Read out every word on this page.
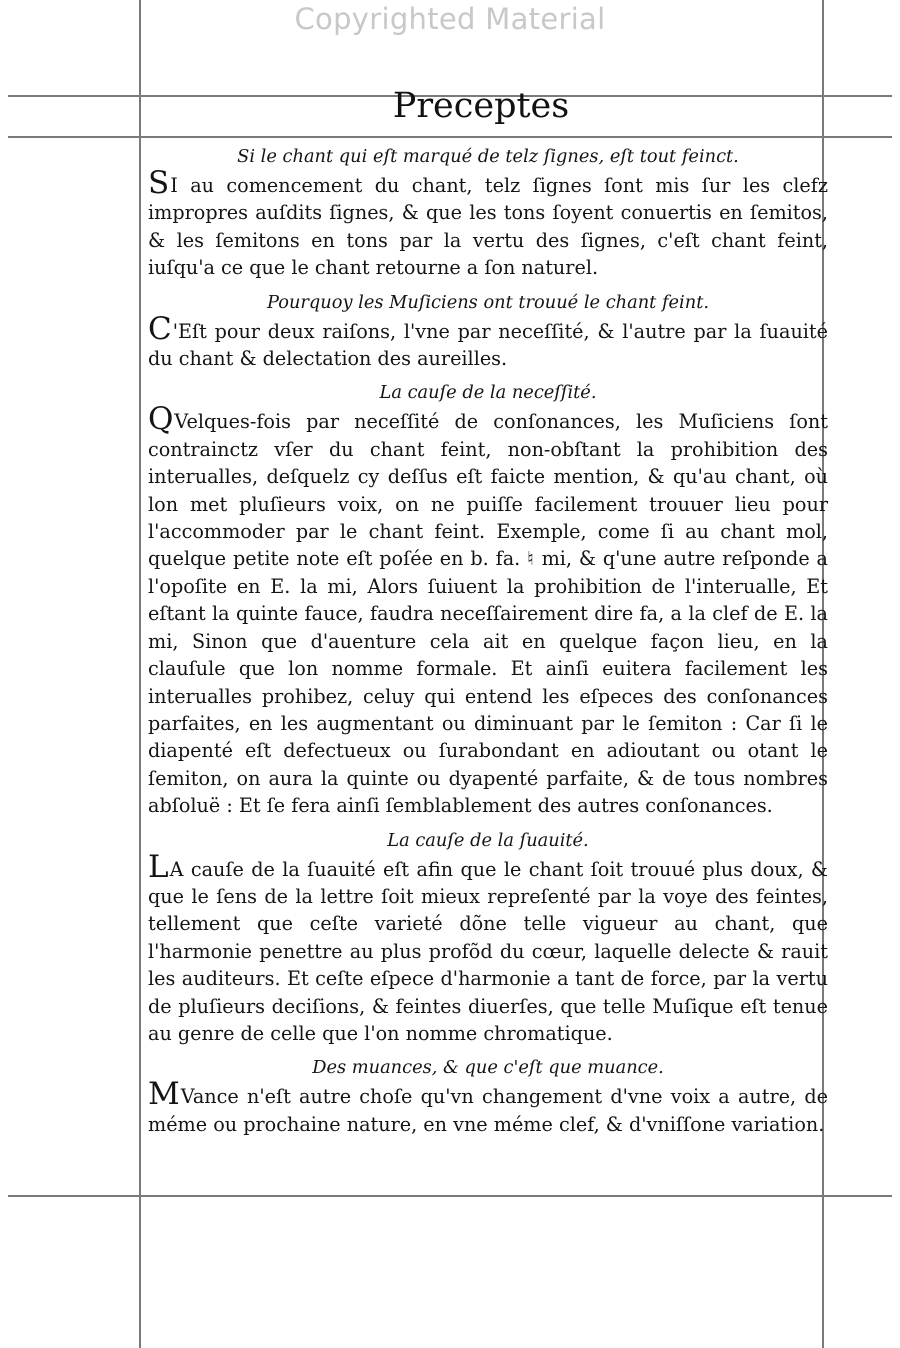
Copyrighted Material
Preceptes
Si le chant qui eſt marqué de telz ſignes, eſt tout feinct.

SI au comencement du chant, telz ſignes ſont mis ſur les clefz impropres auſdits ſignes, & que les tons ſoyent conuertis en ſemitos, & les ſemitons en tons par la vertu des ſignes, c'eſt chant feint, iuſqu'a ce que le chant retourne a ſon naturel.

Pourquoy les Muſiciens ont trouué le chant feint.

C'Eſt pour deux raiſons, l'vne par neceſſité, & l'autre par la ſuauité du chant & delectation des aureilles.

La cauſe de la neceſſité.

QVelques-fois par neceſſité de conſonances, les Muſiciens ſont contrainctz vſer du chant feint, non-obſtant la prohibition des interualles, deſquelz cy deſſus eſt faicte mention, & qu'au chant, où lon met pluſieurs voix, on ne puiſſe facilement trouuer lieu pour l'accommoder par le chant feint. Exemple, come ſi au chant mol, quelque petite note eſt poſée en b. fa. ♮ mi, & q'une autre reſponde a l'opoſite en E. la mi, Alors ſuiuent la prohibition de l'interualle, Et eſtant la quinte fauce, faudra neceſſairement dire fa, a la clef de E. la mi, Sinon que d'auenture cela ait en quelque façon lieu, en la clauſule que lon nomme formale. Et ainſi euitera facilement les interualles prohibez, celuy qui entend les eſpeces des conſonances parfaites, en les augmentant ou diminuant par le ſemiton : Car ſi le diapenté eſt defectueux ou ſurabondant en adioutant ou otant le ſemiton, on aura la quinte ou dyapenté parfaite, & de tous nombres abſoluë : Et ſe fera ainſi ſemblablement des autres conſonances.

La cauſe de la ſuauité.

LA cauſe de la ſuauité eſt afin que le chant ſoit trouué plus doux, & que le ſens de la lettre ſoit mieux repreſenté par la voye des feintes, tellement que ceſte varieté dõne telle vigueur au chant, que l'harmonie penettre au plus profõd du cœur, laquelle delecte & rauit les auditeurs. Et ceſte eſpece d'harmonie a tant de force, par la vertu de pluſieurs deciſions, & feintes diuerſes, que telle Muſique eſt tenue au genre de celle que l'on nomme chromatique.

Des muances, & que c'eſt que muance.

MVance n'eſt autre choſe qu'vn changement d'vne voix a autre, de méme ou prochaine nature, en vne méme clef, & d'vniſſone variation.
